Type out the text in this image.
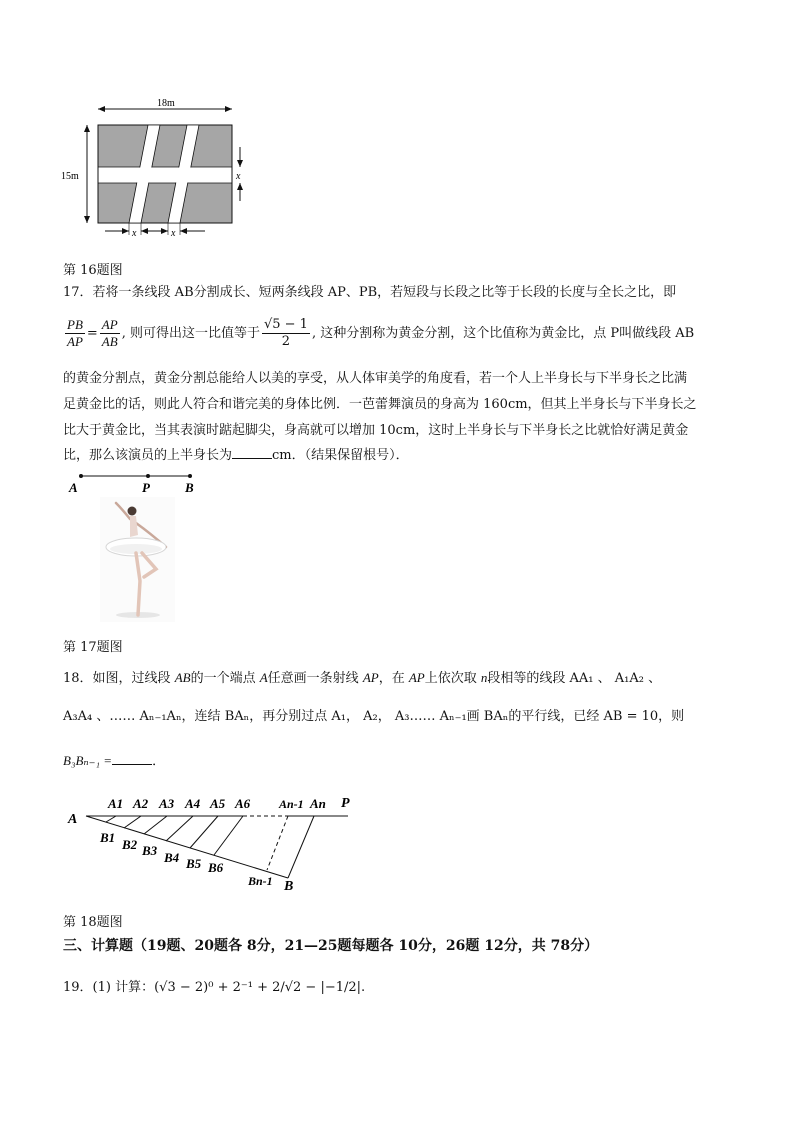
18m
15m	x
x	x
第 16题图
17．若将一条线段 AB分割成长、短两条线段 AP、PB，若短段与长段之比等于长段的长度与全长之比，即
$\frac{PB}{AP} = \frac{AP}{AB}$ , 则可得出这一比值等于 $\frac{√5 - 1}{2}$ , 这种分割称为黄金分割，这个比值称为黄金比，点 P叫做线段 AB
的黄金分割点，黄金分割总能给人以美的享受，从人体审美学的角度看，若一个人上半身长与下半身长之比满
足黄金比的话，则此人符合和谐完美的身体比例．一芭蕾舞演员的身高为 160cm，但其上半身长与下半身长之
比大于黄金比，当其表演时踮起脚尖，身高就可以增加 10cm，这时上半身长与下半身长之比就恰好满足黄金
比，那么该演员的上半身长为	cm．（结果保留根号）．
A	P	B
第 17题图
18．如图，过线段 AB的一个端点 A任意画一条射线 AP，在 AP上依次取 n段相等的线段 AA₁ 、 A₁A₂ 、
A₃A₄ 、…… Aₙ₋₁Aₙ，连结 BAₙ，再分别过点 A₁， A₂， A₃…… Aₙ₋₁画 BAₙ的平行线，已经 AB = 10，则
B₃Bₙ₋₁ =	．
A
P
B
A1 A2 A3 A4 A5 A6 An-1 An
B1 B2 B3 B4 B5 B6
Bn-1
第 18题图
三、计算题（19题、20题各 8分，21—25题每题各 10分，26题 12分，共 78分）
19．(1) 计算：(√3 − 2)⁰ + 2⁻¹ + 2/√2 − |−1/2|.
